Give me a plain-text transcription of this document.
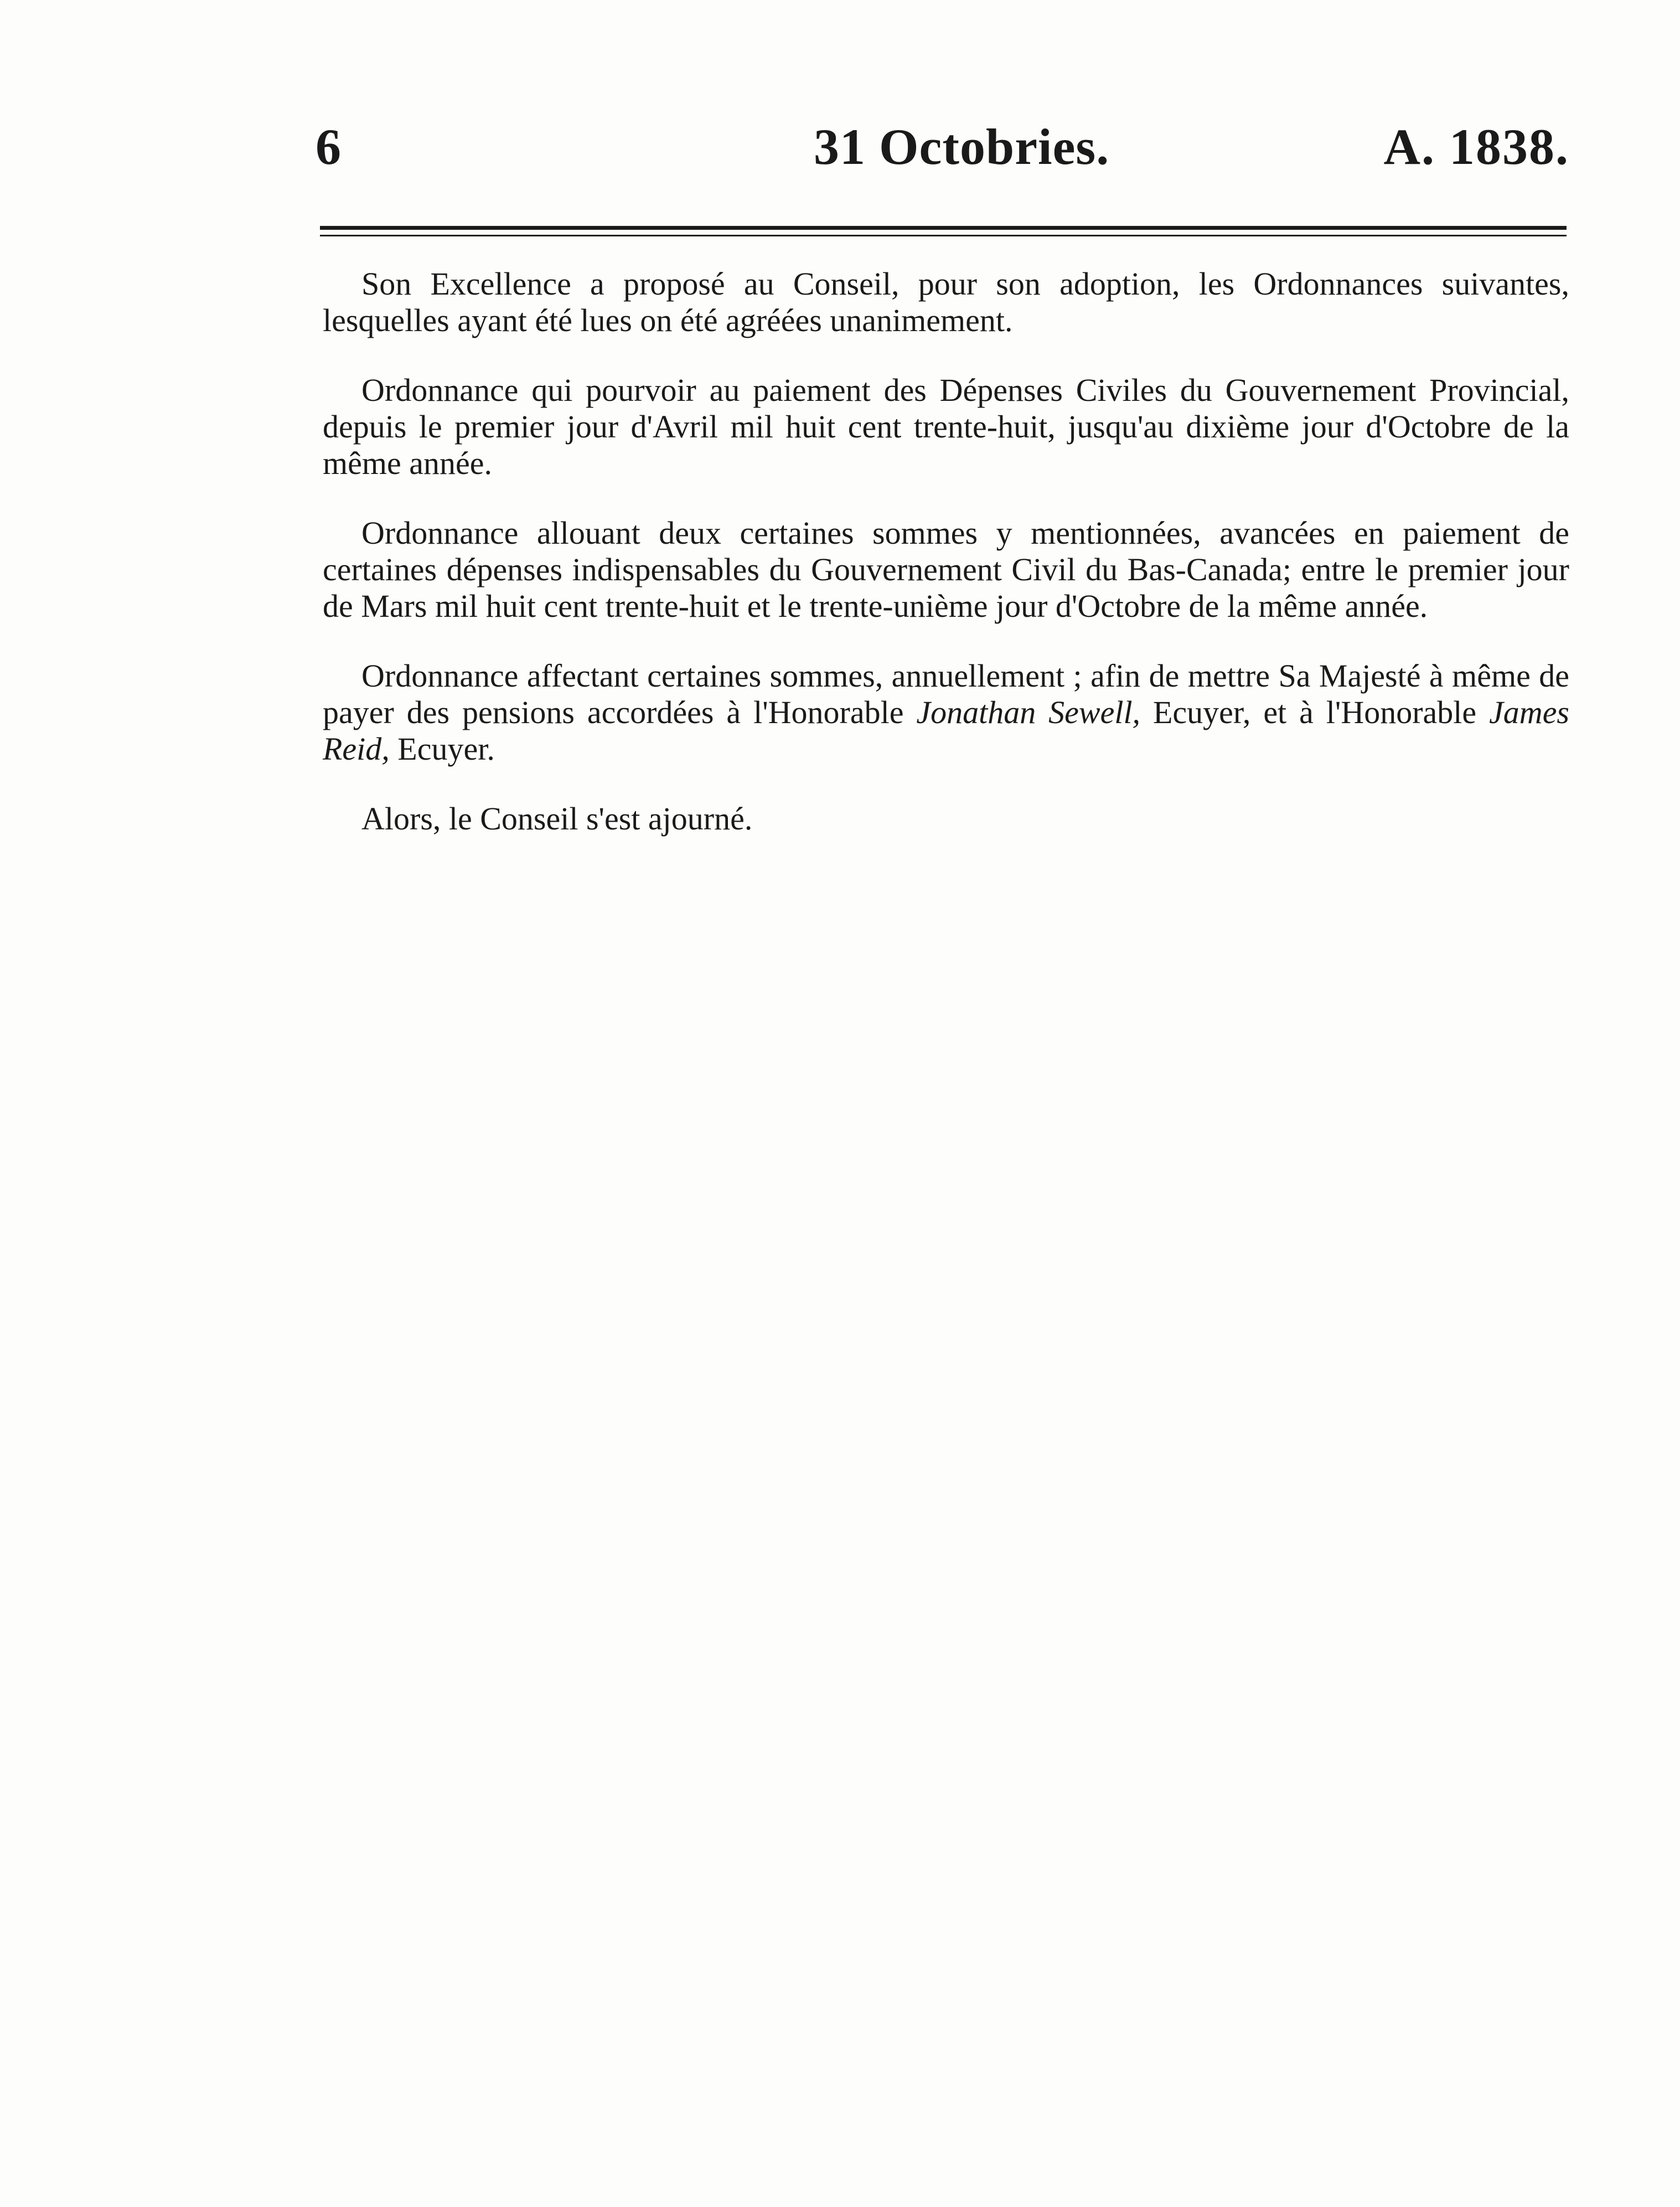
6	31 Octobries.	A. 1838.

Son Excellence a proposé au Conseil, pour son adoption, les Ordonnances suivantes, lesquelles ayant été lues on été agréées unanimement.

Ordonnance qui pourvoir au paiement des Dépenses Civiles du Gouvernement Provincial, depuis le premier jour d'Avril mil huit cent trente-huit, jusqu'au dixième jour d'Octobre de la même année.

Ordonnance allouant deux certaines sommes y mentionnées, avancées en paiement de certaines dépenses indispensables du Gouvernement Civil du Bas-Canada; entre le premier jour de Mars mil huit cent trente-huit et le trente-unième jour d'Octobre de la même année.

Ordonnance affectant certaines sommes, annuellement ; afin de mettre Sa Majesté à même de payer des pensions accordées à l'Honorable Jonathan Sewell, Ecuyer, et à l'Honorable James Reid, Ecuyer.

Alors, le Conseil s'est ajourné.
